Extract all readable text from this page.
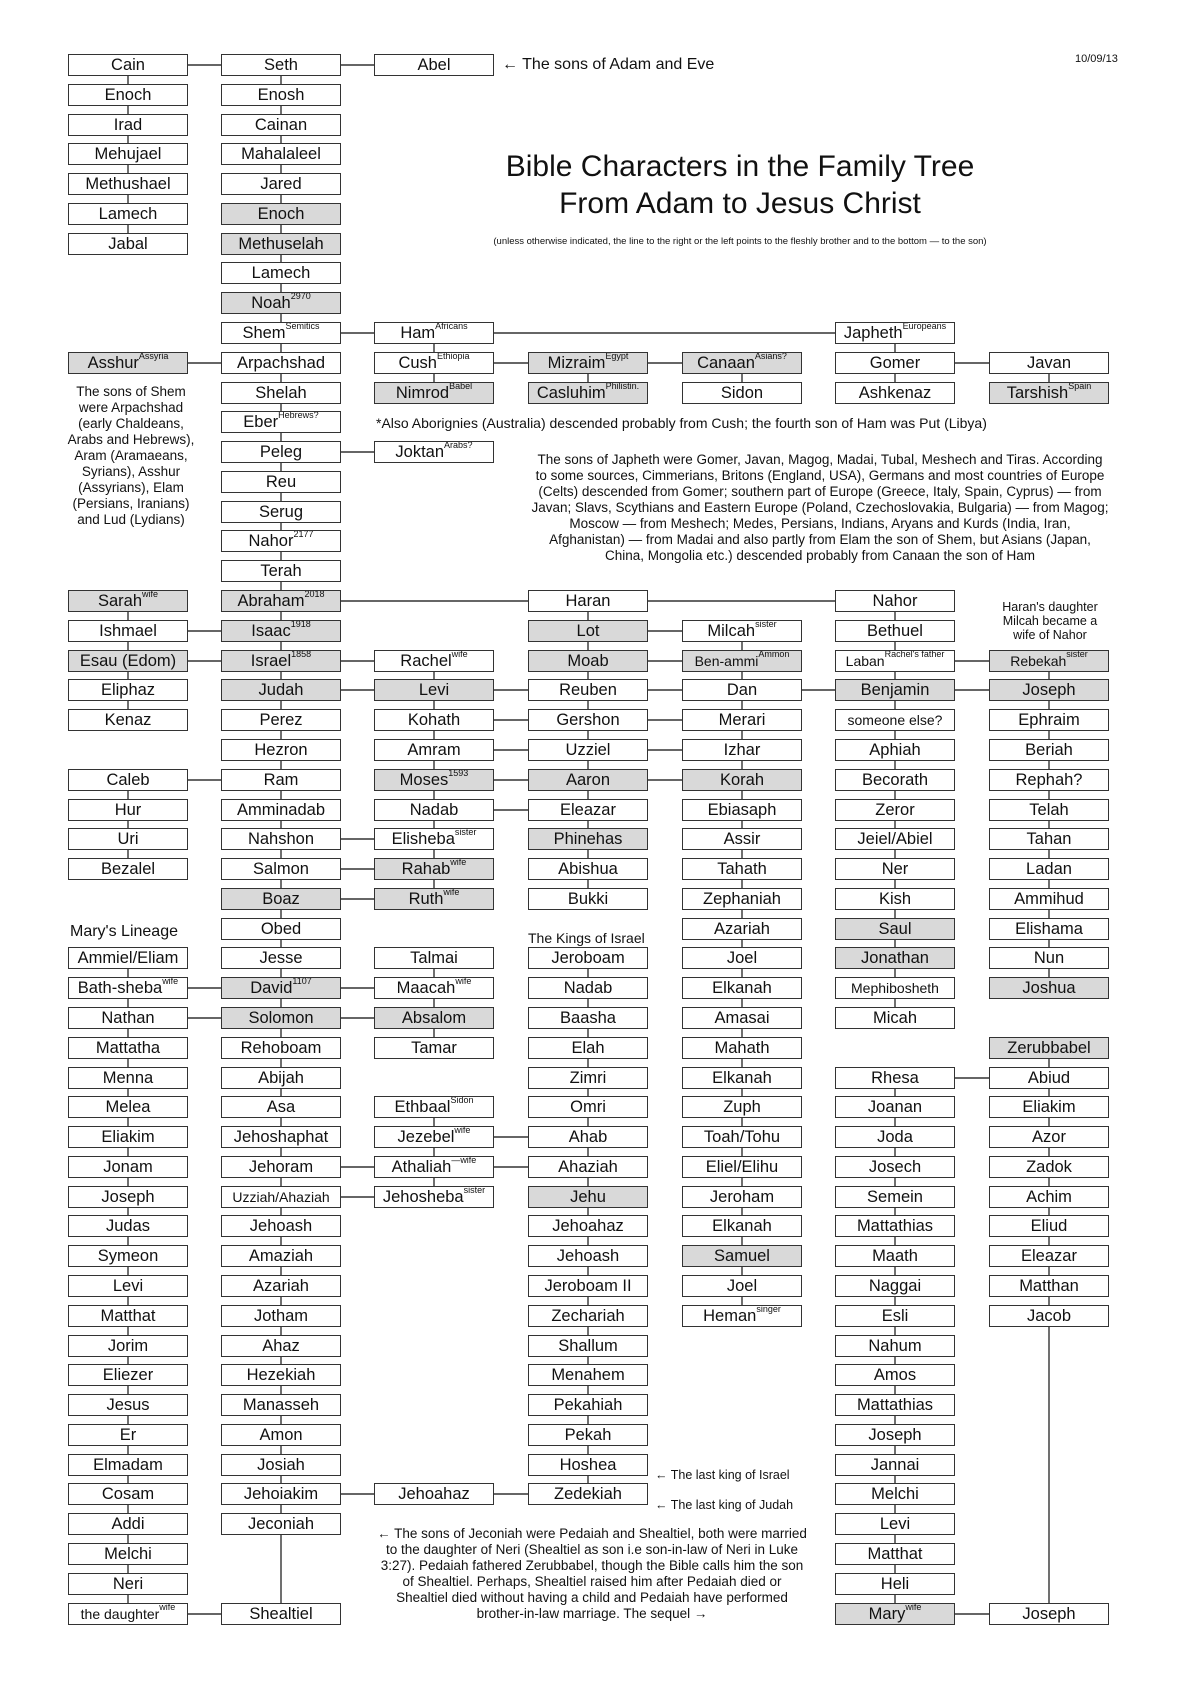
Cain
Enoch
Irad
Mehujael
Methushael
Lamech
Jabal
Asshur$^{Assyria}$
Sarah$^{wife}$
Ishmael
Esau (Edom)
Eliphaz
Kenaz
Caleb
Hur
Uri
Bezalel
Ammiel/Eliam
Bath-sheba$^{wife}$
Nathan
Mattatha
Menna
Melea
Eliakim
Jonam
Joseph
Judas
Symeon
Levi
Matthat
Jorim
Eliezer
Jesus
Er
Elmadam
Cosam
Addi
Melchi
Neri
the daughter$^{wife}$
Seth
Enosh
Cainan
Mahalaleel
Jared
Enoch
Methuselah
Lamech
Noah$^{2970}$
Shem$^{Semitics}$
Arpachshad
Shelah
Eber$^{Hebrews?}$
Peleg
Reu
Serug
Nahor$^{2177}$
Terah
Abraham$^{2018}$
Isaac$^{1918}$
Israel$^{1858}$
Judah
Perez
Hezron
Ram
Amminadab
Nahshon
Salmon
Boaz
Obed
Jesse
David$^{1107}$
Solomon
Rehoboam
Abijah
Asa
Jehoshaphat
Jehoram
Uzziah/Ahaziah
Jehoash
Amaziah
Azariah
Jotham
Ahaz
Hezekiah
Manasseh
Amon
Josiah
Jehoiakim
Jeconiah
Shealtiel
Abel
Ham$^{Africans}$
Cush$^{Ethiopia}$
Nimrod$^{Babel}$
Joktan$^{Arabs?}$
Rachel$^{wife}$
Levi
Kohath
Amram
Moses$^{1593}$
Nadab
Elisheba$^{sister}$
Rahab$^{wife}$
Ruth$^{wife}$
Talmai
Maacah$^{wife}$
Absalom
Tamar
Ethbaal$^{Sidon}$
Jezebel$^{wife}$
Athaliah$^{—wife}$
Jehosheba$^{sister}$
Jehoahaz
Mizraim$^{Egypt}$
Casluhim$^{Philistin.}$
Haran
Lot
Moab
Reuben
Gershon
Uzziel
Aaron
Eleazar
Phinehas
Abishua
Bukki
Jeroboam
Nadab
Baasha
Elah
Zimri
Omri
Ahab
Ahaziah
Jehu
Jehoahaz
Jehoash
Jeroboam II
Zechariah
Shallum
Menahem
Pekahiah
Pekah
Hoshea
Zedekiah
Canaan$^{Asians?}$
Sidon
Milcah$^{sister}$
Ben-ammi$^{Ammon}$
Dan
Merari
Izhar
Korah
Ebiasaph
Assir
Tahath
Zephaniah
Azariah
Joel
Elkanah
Amasai
Mahath
Elkanah
Zuph
Toah/Tohu
Eliel/Elihu
Jeroham
Elkanah
Samuel
Joel
Heman$^{singer}$
Japheth$^{Europeans}$
Gomer
Ashkenaz
Nahor
Bethuel
Laban$^{Rachel's father}$
Benjamin
someone else?
Aphiah
Becorath
Zeror
Jeiel/Abiel
Ner
Kish
Saul
Jonathan
Mephibosheth
Micah
Rhesa
Joanan
Joda
Josech
Semein
Mattathias
Maath
Naggai
Esli
Nahum
Amos
Mattathias
Joseph
Jannai
Melchi
Levi
Matthat
Heli
Mary$^{wife}$
Javan
Tarshish$^{Spain}$
Rebekah$^{sister}$
Joseph
Ephraim
Beriah
Rephah?
Telah
Tahan
Ladan
Ammihud
Elishama
Nun
Joshua
Zerubbabel
Abiud
Eliakim
Azor
Zadok
Achim
Eliud
Eleazar
Matthan
Jacob
Joseph
10/09/13
Bible Characters in the Family Tree
From Adam to Jesus Christ
(unless otherwise indicated, the line to the right or the left points to the fleshly brother and to the bottom — to the son)
← The sons of Adam and Eve
The sons of Shem were Arpachshad (early Chaldeans, Arabs and Hebrews), Aram (Aramaeans, Syrians), Asshur (Assyrians), Elam (Persians, Iranians) and Lud (Lydians)
*Also Aborignies (Australia) descended probably from Cush; the fourth son of Ham was Put (Libya)
The sons of Japheth were Gomer, Javan, Magog, Madai, Tubal, Meshech and Tiras. According to some sources, Cimmerians, Britons (England, USA), Germans and most countries of Europe (Celts) descended from Gomer; southern part of Europe (Greece, Italy, Spain, Cyprus) — from Javan; Slavs, Scythians and Eastern Europe (Poland, Czechoslovakia, Bulgaria) — from Magog; Moscow — from Meshech; Medes, Persians, Indians, Aryans and Kurds (India, Iran, Afghanistan) — from Madai and also partly from Elam the son of Shem, but Asians (Japan, China, Mongolia etc.) descended probably from Canaan the son of Ham
Haran's daughter Milcah became a wife of Nahor
Mary's Lineage	The Kings of Israel
← The last king of Israel
← The last king of Judah
← The sons of Jeconiah were Pedaiah and Shealtiel, both were married to the daughter of Neri (Shealtiel as son i.e son-in-law of Neri in Luke 3:27). Pedaiah fathered Zerubbabel, though the Bible calls him the son of Shealtiel. Perhaps, Shealtiel raised him after Pedaiah died or Shealtiel died without having a child and Pedaiah have performed brother-in-law marriage. The sequel →
